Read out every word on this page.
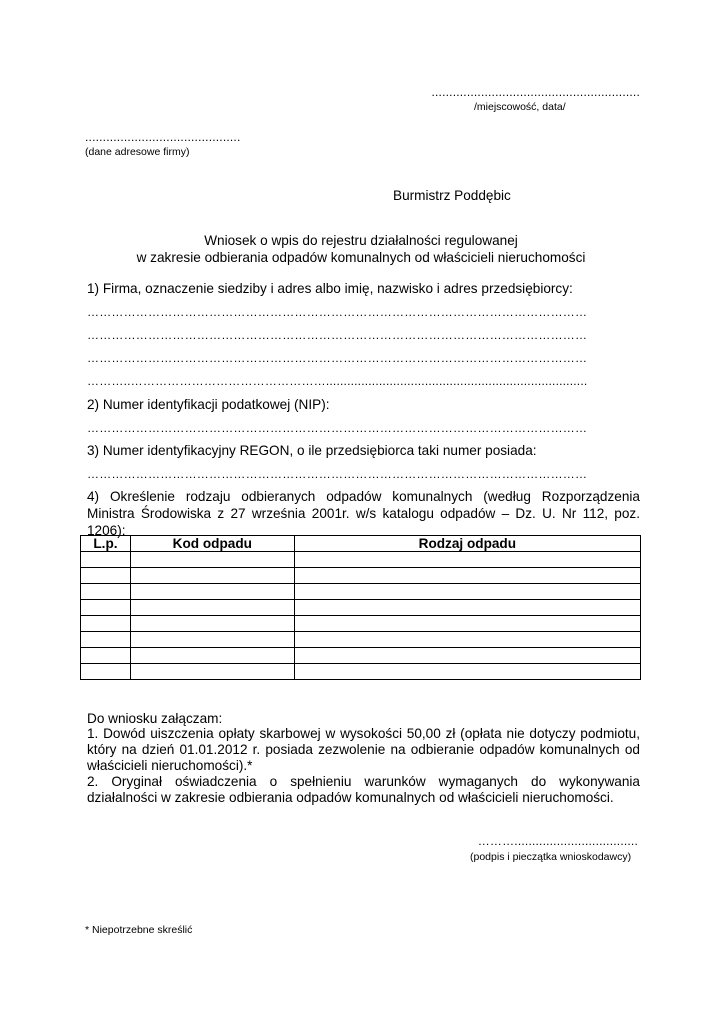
...........................................................
/miejscowość, data/
............................................
(dane adresowe firmy)
Burmistrz Poddębic
Wniosek o wpis do rejestru działalności regulowanej
w zakresie odbierania odpadów komunalnych od właścicieli nieruchomości
1) Firma, oznaczenie siedziby i adres albo imię, nazwisko i adres przedsiębiorcy:
……………………………………………………………………………………………………………
……………………………………………………………………………………………………………
……………………………………………………………………………………………………………
………..…………………………………………..........................................................................
2) Numer identyfikacji podatkowej (NIP):
……………………………………………………………………………………………………………
3) Numer identyfikacyjny REGON, o ile przedsiębiorca taki numer posiada:
……………………………………………………………………………………………………………
4) Określenie rodzaju odbieranych odpadów komunalnych (według Rozporządzenia Ministra Środowiska z 27 września 2001r. w/s katalogu odpadów – Dz. U. Nr 112, poz. 1206):
L.p.	Kod odpadu	Rodzaj odpadu

Do wniosku załączam:
1. Dowód uiszczenia opłaty skarbowej w wysokości 50,00 zł (opłata nie dotyczy podmiotu, który na dzień 01.01.2012 r. posiada zezwolenie na odbieranie odpadów komunalnych od właścicieli nieruchomości).*
2. Oryginał oświadczenia o spełnieniu warunków wymaganych do wykonywania działalności w zakresie odbierania odpadów komunalnych od właścicieli nieruchomości.
………...................................
(podpis i pieczątka wnioskodawcy)
* Niepotrzebne skreślić
